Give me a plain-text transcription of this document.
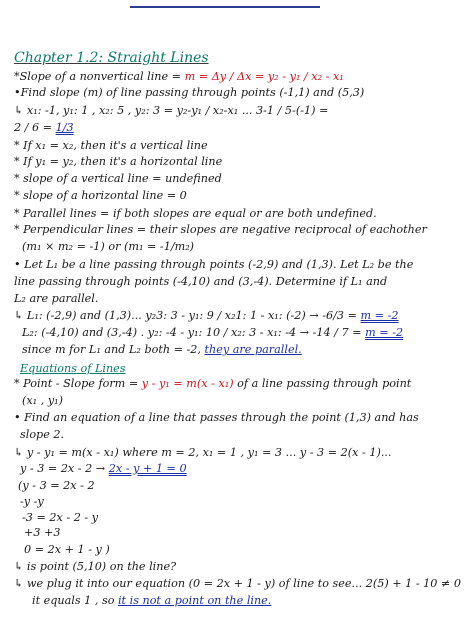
Chapter 1.2: Straight Lines
*Slope of a nonvertical line = m = Δy / Δx = y₂ - y₁ / x₂ - x₁
•Find slope (m) of line passing through points (-1,1) and (5,3)
↳ x₁: -1, y₁: 1 , x₂: 5 , y₂: 3 = y₂-y₁ / x₂-x₁ ... 3-1 / 5-(-1) =
2 / 6 = 1/3
* If x₁ = x₂, then it's a vertical line
* If y₁ = y₂, then it's a horizontal line
* slope of a vertical line = undefined
* slope of a horizontal line = 0
* Parallel lines = if both slopes are equal or are both undefined.
* Perpendicular lines = their slopes are negative reciprocal of eachother
(m₁ × m₂ = -1) or (m₁ = -1/m₂)
• Let L₁ be a line passing through points (-2,9) and (1,3). Let L₂ be the
line passing through points (-4,10) and (3,-4). Determine if L₁ and
L₂ are parallel.
↳ L₁: (-2,9) and (1,3)... y₂3: 3 - y₁: 9 / x₂1: 1 - x₁: (-2) → -6/3 = m = -2
L₂: (-4,10) and (3,-4) . y₂: -4 - y₁: 10 / x₂: 3 - x₁: -4 → -14 / 7 = m = -2
since m for L₁ and L₂ both = -2, they are parallel.
Equations of Lines
* Point - Slope form = y - y₁ = m(x - x₁) of a line passing through point
(x₁ , y₁)
• Find an equation of a line that passes through the point (1,3) and has
slope 2.
↳ y - y₁ = m(x - x₁) where m = 2, x₁ = 1 , y₁ = 3 ... y - 3 = 2(x - 1)...
y - 3 = 2x - 2 → 2x - y + 1 = 0
(y - 3 = 2x - 2
-y -y
-3 = 2x - 2 - y
+3 +3
0 = 2x + 1 - y )
↳ is point (5,10) on the line?
↳ we plug it into our equation (0 = 2x + 1 - y) of line to see... 2(5) + 1 - 10 ≠ 0
it equals 1 , so it is not a point on the line.
